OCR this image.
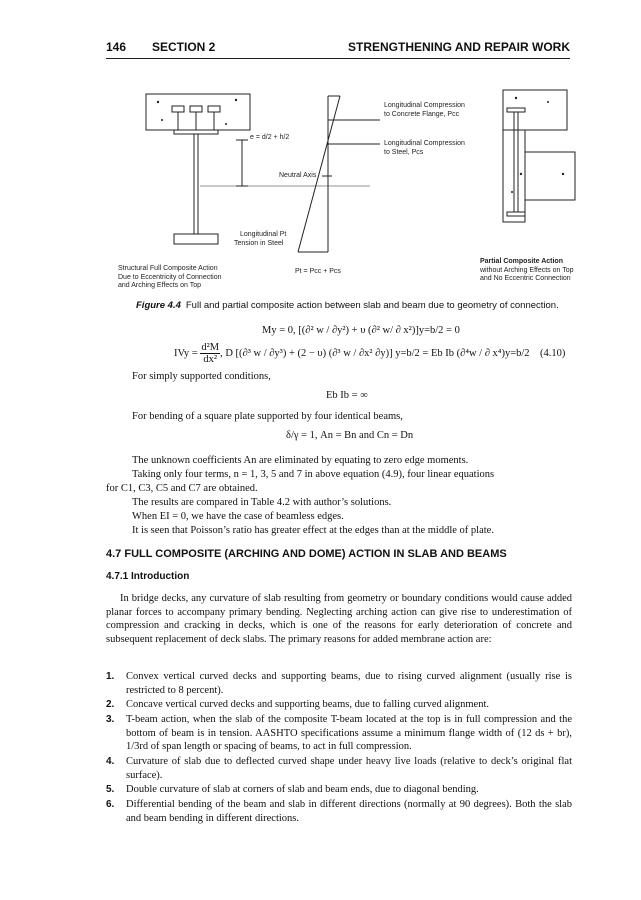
146 SECTION 2	STRENGTHENING AND REPAIR WORK
e = d/2 + h/2
Neutral Axis
Longitudinal Pt
Tension in Steel
Longitudinal Compression
to Concrete Flange, Pcc
Longitudinal Compression
to Steel, Pcs
Pt = Pcc + Pcs
Structural Full Composite Action
Due to Eccentricity of Connection
and Arching Effects on Top
Partial Composite Action
without Arching Effects on Top
and No Eccentric Connection
Figure 4.4 Full and partial composite action between slab and beam due to geometry of connection.
My = 0, [(∂² w / ∂y²) + υ (∂² w/ ∂ x²)]y=b/2 = 0
IVy = $\frac{\text{d²M}}{\text{dx²}}$ , D [(∂³ w / ∂y³) + (2 − υ) (∂³ w / ∂x² ∂y)] y=b/2 = Eb Ib (∂⁴w / ∂ x⁴)y=b/2 (4.10)
For simply supported conditions,
Eb Ib = ∞
For bending of a square plate supported by four identical beams,
δ/γ = 1, An = Bn and Cn = Dn
The unknown coefficients An are eliminated by equating to zero edge moments.
Taking only four terms, n = 1, 3, 5 and 7 in above equation (4.9), four linear equations
for C1, C3, C5 and C7 are obtained.
The results are compared in Table 4.2 with author’s solutions.
When EI = 0, we have the case of beamless edges.
It is seen that Poisson’s ratio has greater effect at the edges than at the middle of plate.
4.7 FULL COMPOSITE (ARCHING AND DOME) ACTION IN SLAB AND BEAMS
4.7.1 Introduction
In bridge decks, any curvature of slab resulting from geometry or boundary conditions would cause added planar forces to accompany primary bending. Neglecting arching action can give rise to underestimation of compression and cracking in decks, which is one of the reasons for early deterioration of concrete and subsequent replacement of deck slabs. The primary reasons for added membrane action are:
1. Convex vertical curved decks and supporting beams, due to rising curved alignment (usually rise is restricted to 8 percent).
2. Concave vertical curved decks and supporting beams, due to falling curved alignment.
3. T-beam action, when the slab of the composite T-beam located at the top is in full compression and the bottom of beam is in tension. AASHTO specifications assume a minimum flange width of (12 ds + br), 1/3rd of span length or spacing of beams, to act in full compression.
4. Curvature of slab due to deflected curved shape under heavy live loads (relative to deck’s original flat surface).
5. Double curvature of slab at corners of slab and beam ends, due to diagonal bending.
6. Differential bending of the beam and slab in different directions (normally at 90 degrees). Both the slab and beam bending in different directions.
